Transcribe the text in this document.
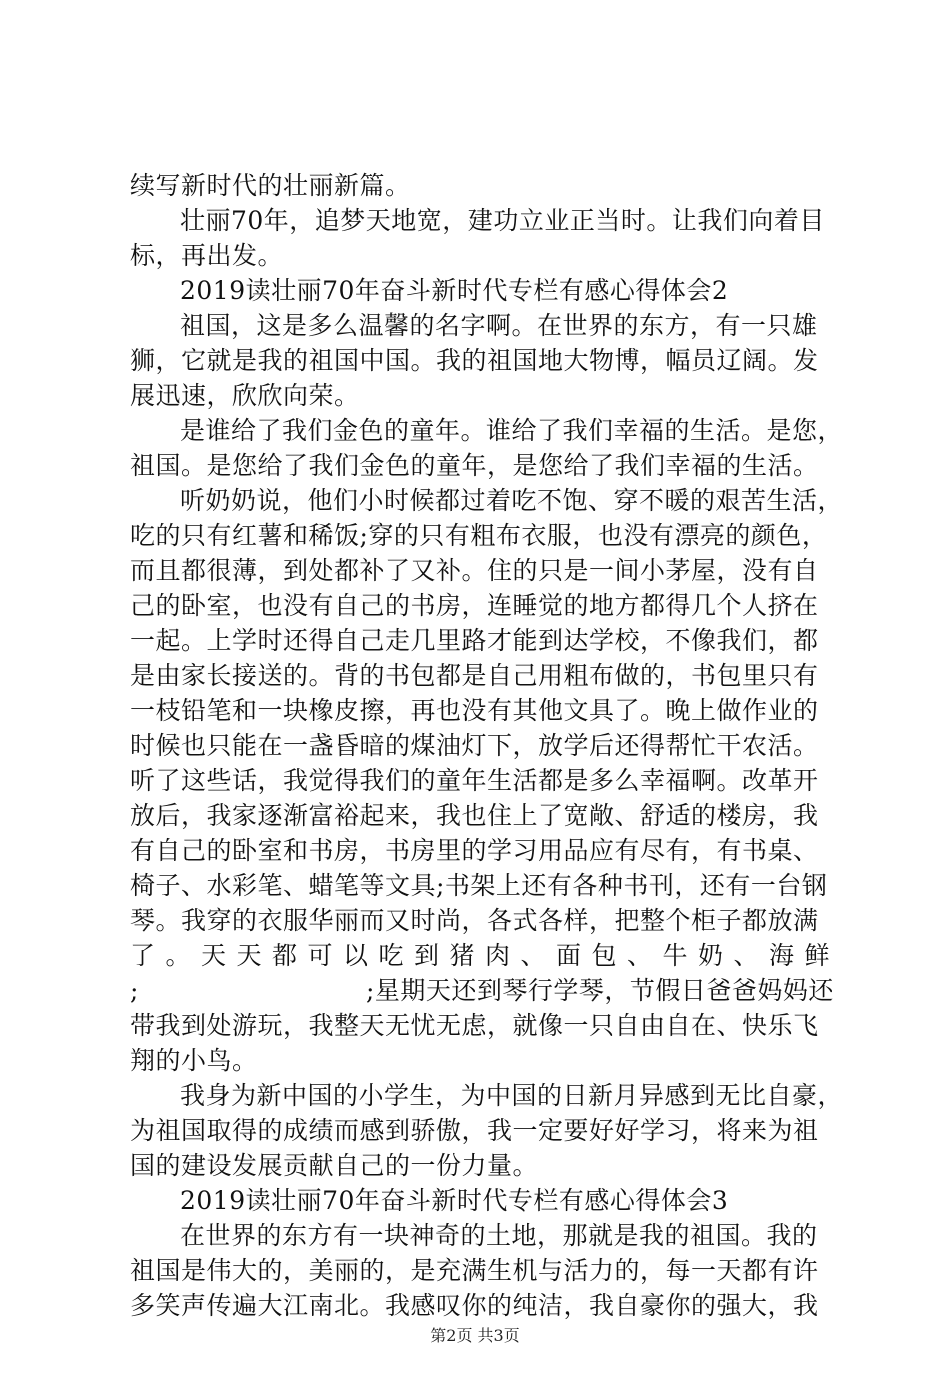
续写新时代的壮丽新篇。
壮丽70年，追梦天地宽，建功立业正当时。让我们向着目
标，再出发。
2019读壮丽70年奋斗新时代专栏有感心得体会2
祖国，这是多么温馨的名字啊。在世界的东方，有一只雄
狮，它就是我的祖国中国。我的祖国地大物博，幅员辽阔。发
展迅速，欣欣向荣。
是谁给了我们金色的童年。谁给了我们幸福的生活。是您，
祖国。是您给了我们金色的童年，是您给了我们幸福的生活。
听奶奶说，他们小时候都过着吃不饱、穿不暖的艰苦生活，
吃的只有红薯和稀饭;穿的只有粗布衣服，也没有漂亮的颜色，
而且都很薄，到处都补了又补。住的只是一间小茅屋，没有自
己的卧室，也没有自己的书房，连睡觉的地方都得几个人挤在
一起。上学时还得自己走几里路才能到达学校，不像我们，都
是由家长接送的。背的书包都是自己用粗布做的，书包里只有
一枝铅笔和一块橡皮擦，再也没有其他文具了。晚上做作业的
时候也只能在一盏昏暗的煤油灯下，放学后还得帮忙干农活。
听了这些话，我觉得我们的童年生活都是多么幸福啊。改革开
放后，我家逐渐富裕起来，我也住上了宽敞、舒适的楼房，我
有自己的卧室和书房，书房里的学习用品应有尽有，有书桌、
椅子、水彩笔、蜡笔等文具;书架上还有各种书刊，还有一台钢
琴。我穿的衣服华丽而又时尚，各式各样，把整个柜子都放满
了。天天都可以吃到猪肉、面包、牛奶、海鲜
;	;星期天还到琴行学琴，节假日爸爸妈妈还
带我到处游玩，我整天无忧无虑，就像一只自由自在、快乐飞
翔的小鸟。
我身为新中国的小学生，为中国的日新月异感到无比自豪，
为祖国取得的成绩而感到骄傲，我一定要好好学习，将来为祖
国的建设发展贡献自己的一份力量。
2019读壮丽70年奋斗新时代专栏有感心得体会3
在世界的东方有一块神奇的土地，那就是我的祖国。我的
祖国是伟大的，美丽的，是充满生机与活力的，每一天都有许
多笑声传遍大江南北。我感叹你的纯洁，我自豪你的强大，我
第2页 共3页
